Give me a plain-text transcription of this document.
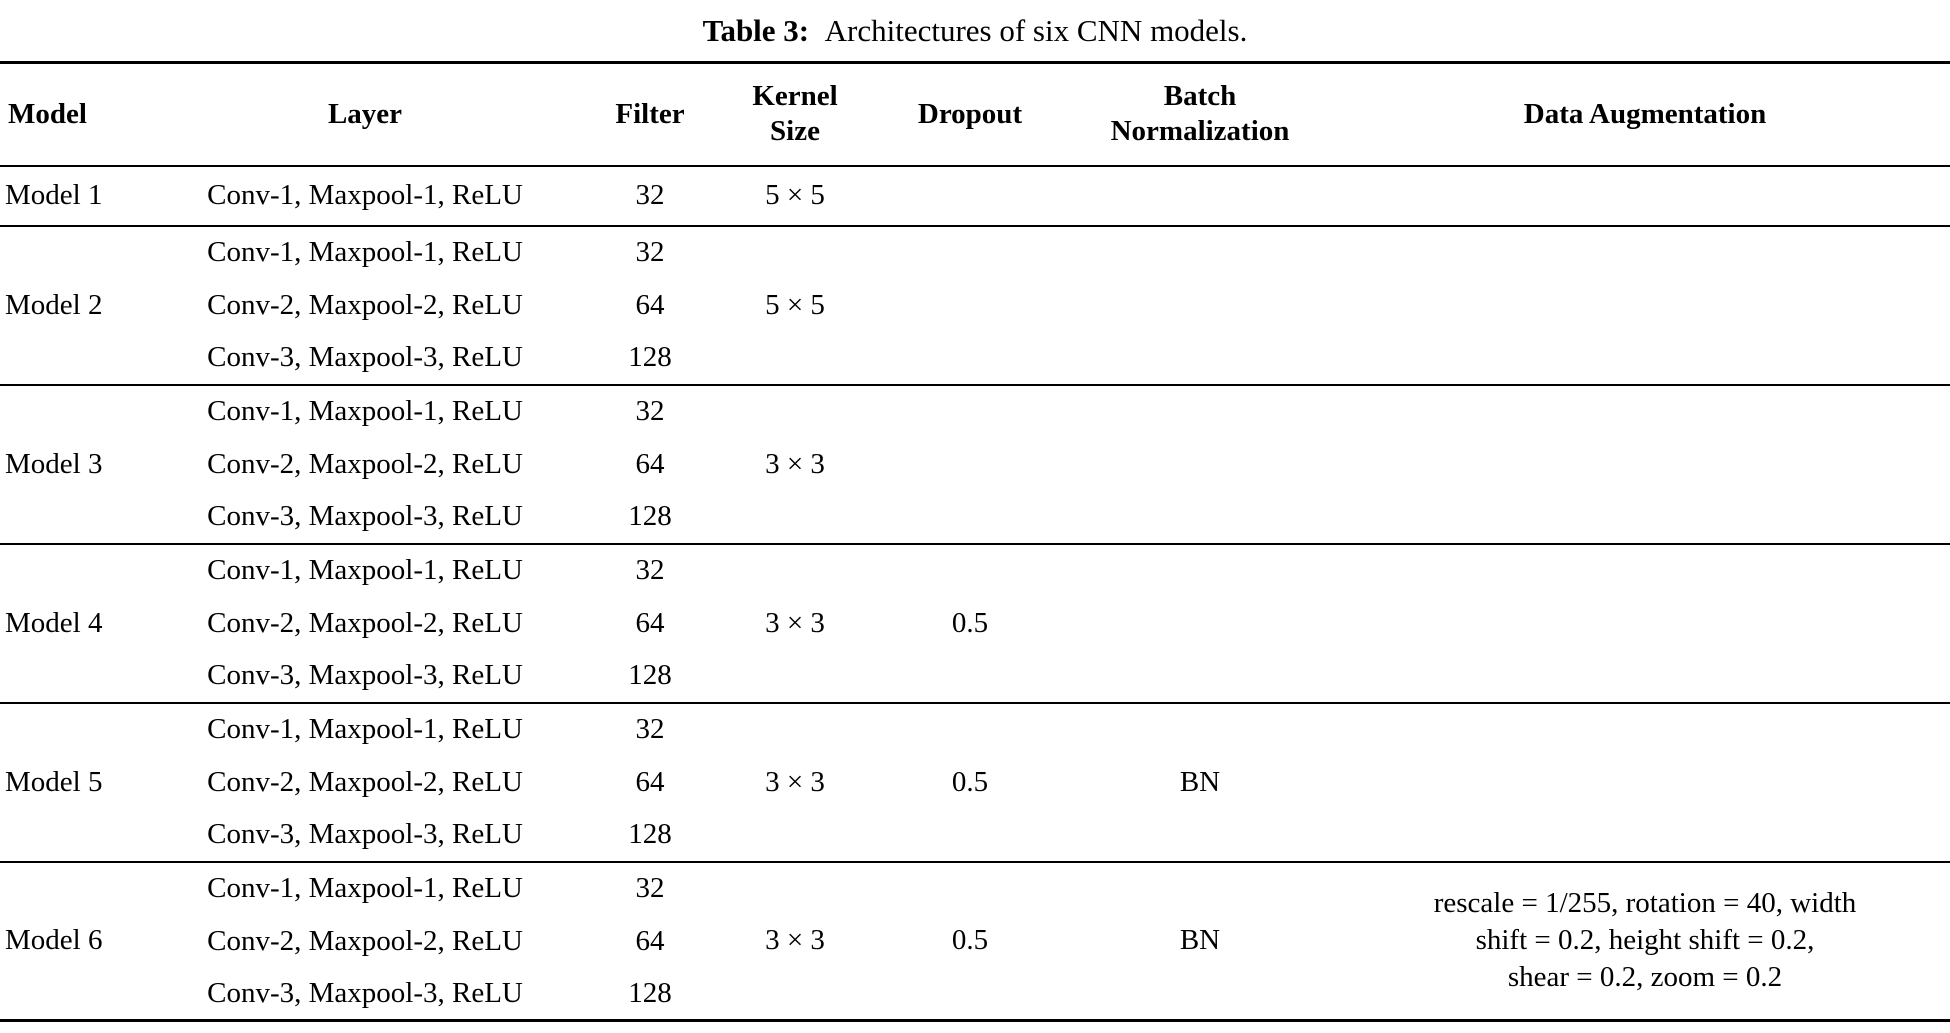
Table 3:
Architectures of six CNN models.
Model	Layer	Filter	Kernel Size	Dropout	Batch Normalization	Data Augmentation
Model 1	Conv-1, Maxpool-1, ReLU	32	5 × 5			
Model 2	Conv-1, Maxpool-1, ReLU	32	5 × 5			
	Conv-2, Maxpool-2, ReLU	64				
	Conv-3, Maxpool-3, ReLU	128				
Model 3	Conv-1, Maxpool-1, ReLU	32	3 × 3			
	Conv-2, Maxpool-2, ReLU	64				
	Conv-3, Maxpool-3, ReLU	128				
Model 4	Conv-1, Maxpool-1, ReLU	32	3 × 3	0.5		
	Conv-2, Maxpool-2, ReLU	64				
	Conv-3, Maxpool-3, ReLU	128				
Model 5	Conv-1, Maxpool-1, ReLU	32	3 × 3	0.5	BN	
	Conv-2, Maxpool-2, ReLU	64				
	Conv-3, Maxpool-3, ReLU	128				
Model 6	Conv-1, Maxpool-1, ReLU	32	3 × 3	0.5	BN	rescale = 1/255, rotation = 40, width
shift = 0.2, height shift = 0.2,
shear = 0.2, zoom = 0.2

	Conv-2, Maxpool-2, ReLU	64				
	Conv-3, Maxpool-3, ReLU	128				
